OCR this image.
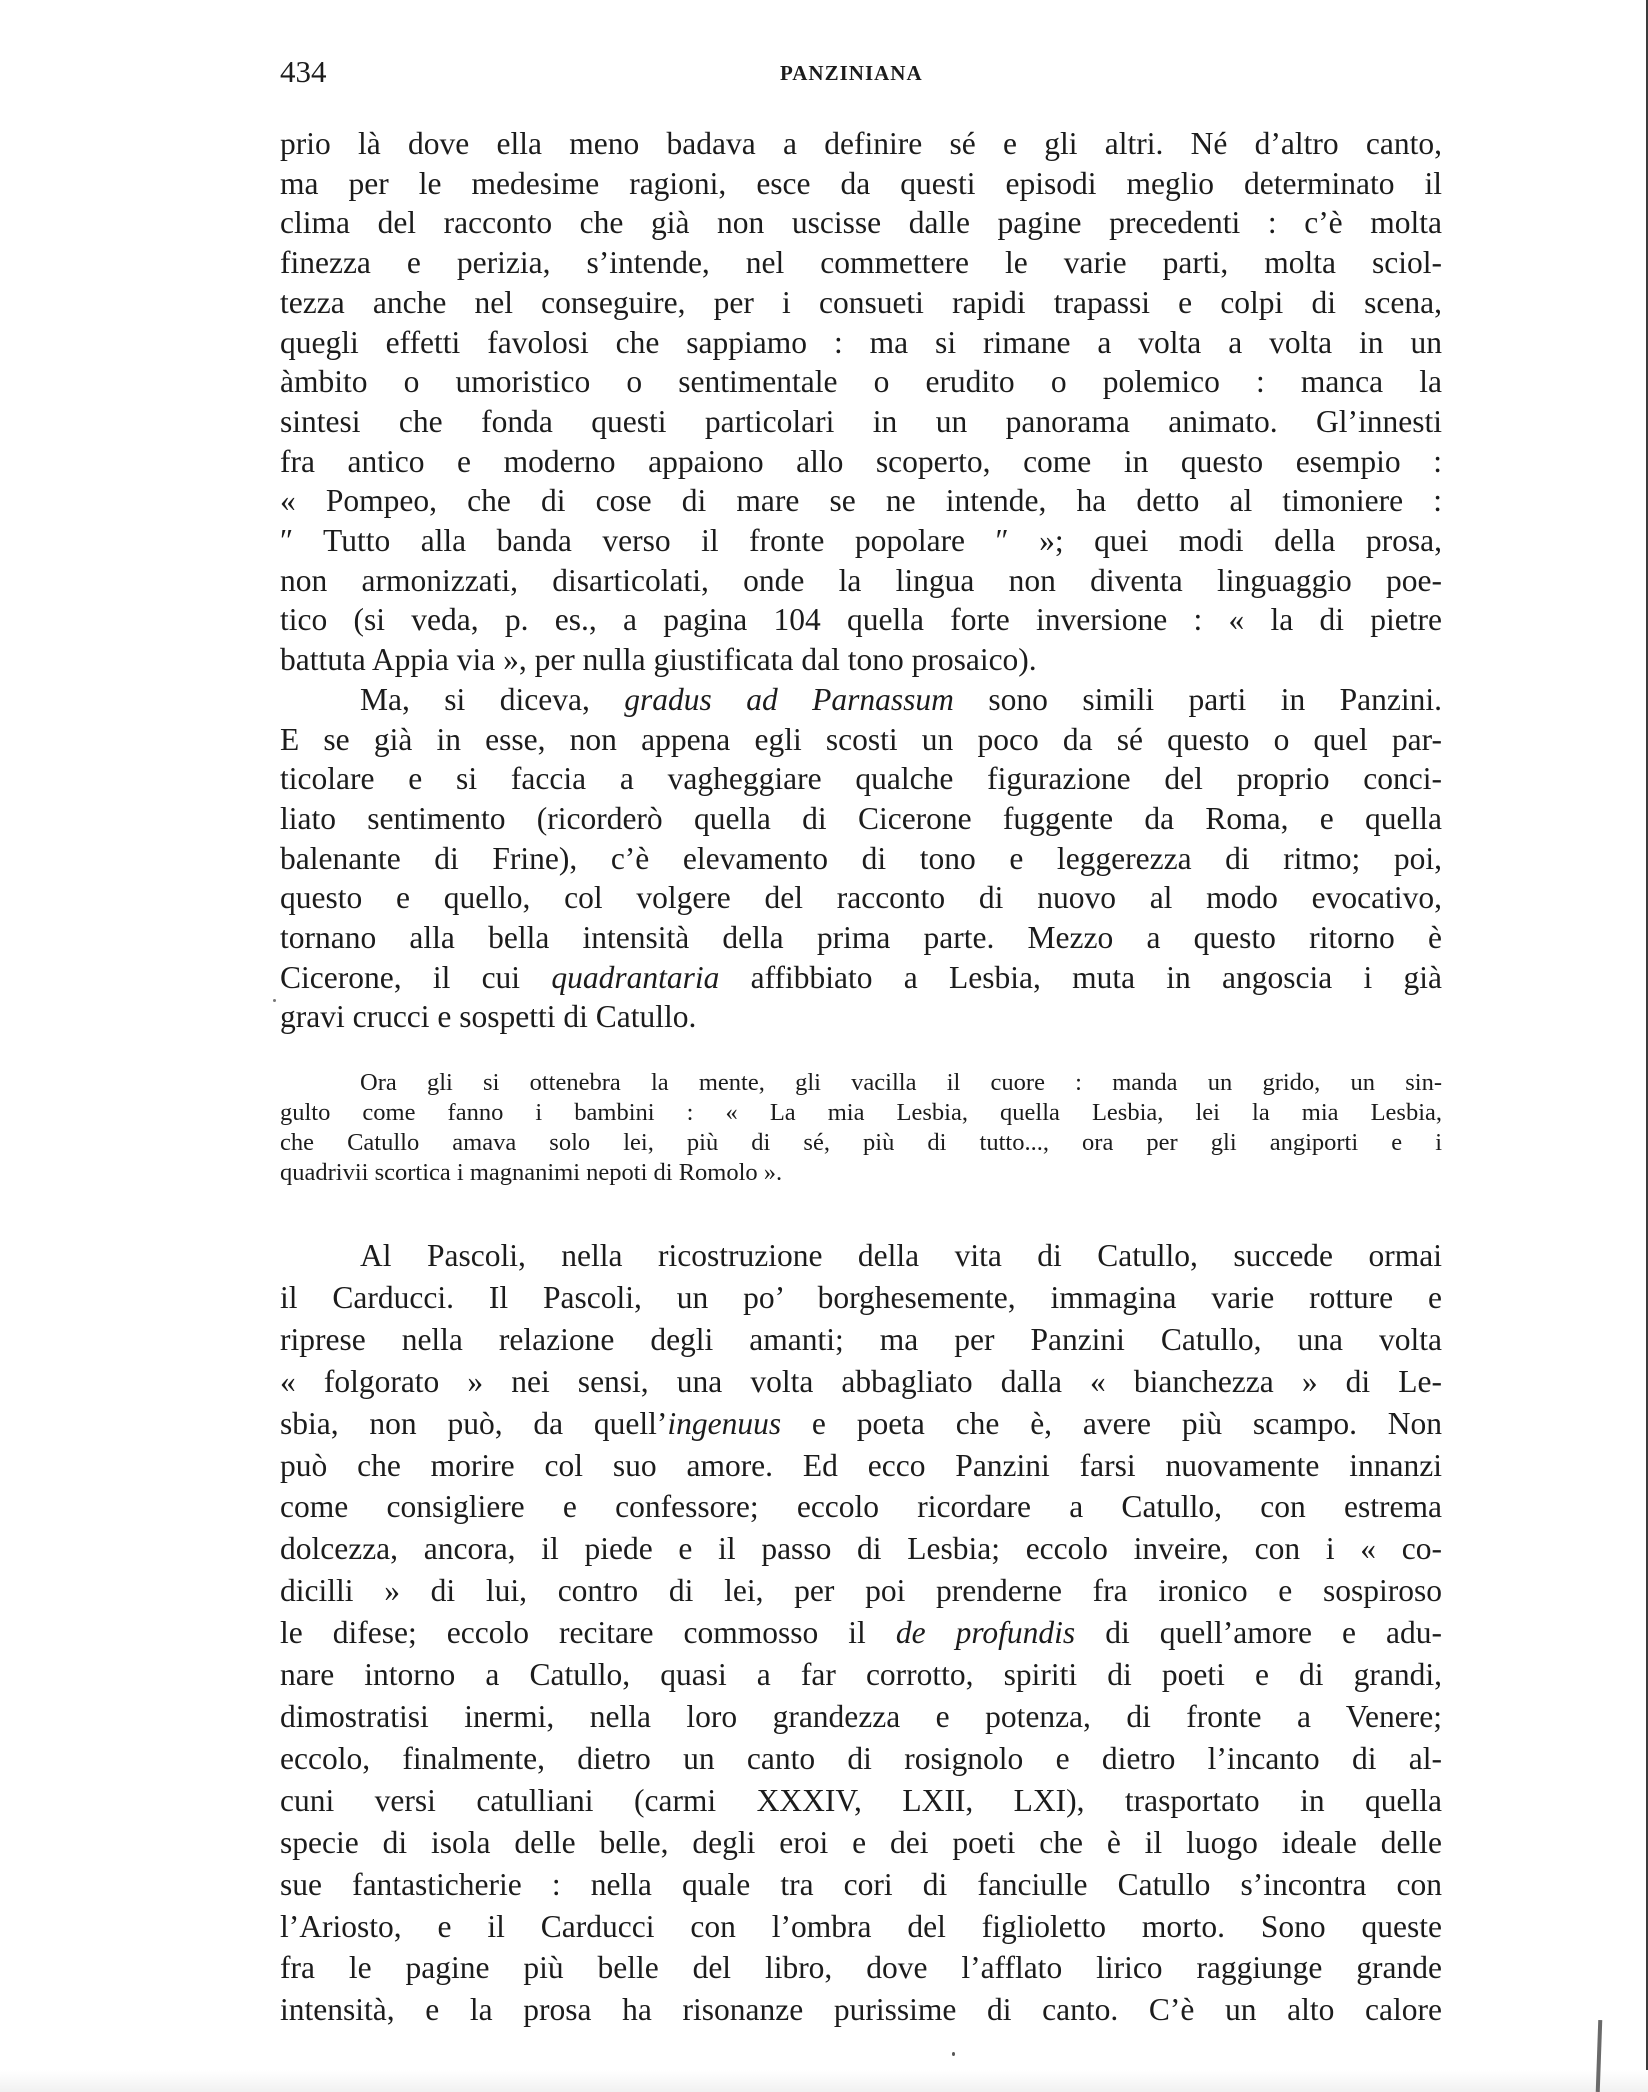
434	PANZINIANA
prio là dove ella meno badava a definire sé e gli altri. Né d’altro canto,
ma per le medesime ragioni, esce da questi episodi meglio determinato il
clima del racconto che già non uscisse dalle pagine precedenti : c’è molta
finezza e perizia, s’intende, nel commettere le varie parti, molta sciol-
tezza anche nel conseguire, per i consueti rapidi trapassi e colpi di scena,
quegli effetti favolosi che sappiamo : ma si rimane a volta a volta in un
àmbito o umoristico o sentimentale o erudito o polemico : manca la
sintesi che fonda questi particolari in un panorama animato. Gl’innesti
fra antico e moderno appaiono allo scoperto, come in questo esempio :
« Pompeo, che di cose di mare se ne intende, ha detto al timoniere :
″ Tutto alla banda verso il fronte popolare ″ »; quei modi della prosa,
non armonizzati, disarticolati, onde la lingua non diventa linguaggio poe-
tico (si veda, p. es., a pagina 104 quella forte inversione : « la di pietre
battuta Appia via », per nulla giustificata dal tono prosaico).
Ma, si diceva, gradus ad Parnassum sono simili parti in Panzini.
E se già in esse, non appena egli scosti un poco da sé questo o quel par-
ticolare e si faccia a vagheggiare qualche figurazione del proprio conci-
liato sentimento (ricorderò quella di Cicerone fuggente da Roma, e quella
balenante di Frine), c’è elevamento di tono e leggerezza di ritmo; poi,
questo e quello, col volgere del racconto di nuovo al modo evocativo,
tornano alla bella intensità della prima parte. Mezzo a questo ritorno è
Cicerone, il cui quadrantaria affibbiato a Lesbia, muta in angoscia i già
gravi crucci e sospetti di Catullo.
Ora gli si ottenebra la mente, gli vacilla il cuore : manda un grido, un sin-
gulto come fanno i bambini : « La mia Lesbia, quella Lesbia, lei la mia Lesbia,
che Catullo amava solo lei, più di sé, più di tutto..., ora per gli angiporti e i
quadrivii scortica i magnanimi nepoti di Romolo ».
Al Pascoli, nella ricostruzione della vita di Catullo, succede ormai
il Carducci. Il Pascoli, un po’ borghesemente, immagina varie rotture e
riprese nella relazione degli amanti; ma per Panzini Catullo, una volta
« folgorato » nei sensi, una volta abbagliato dalla « bianchezza » di Le-
sbia, non può, da quell’ingenuus e poeta che è, avere più scampo. Non
può che morire col suo amore. Ed ecco Panzini farsi nuovamente innanzi
come consigliere e confessore; eccolo ricordare a Catullo, con estrema
dolcezza, ancora, il piede e il passo di Lesbia; eccolo inveire, con i « co-
dicilli » di lui, contro di lei, per poi prenderne fra ironico e sospiroso
le difese; eccolo recitare commosso il de profundis di quell’amore e adu-
nare intorno a Catullo, quasi a far corrotto, spiriti di poeti e di grandi,
dimostratisi inermi, nella loro grandezza e potenza, di fronte a Venere;
eccolo, finalmente, dietro un canto di rosignolo e dietro l’incanto di al-
cuni versi catulliani (carmi XXXIV, LXII, LXI), trasportato in quella
specie di isola delle belle, degli eroi e dei poeti che è il luogo ideale delle
sue fantasticherie : nella quale tra cori di fanciulle Catullo s’incontra con
l’Ariosto, e il Carducci con l’ombra del figlioletto morto. Sono queste
fra le pagine più belle del libro, dove l’afflato lirico raggiunge grande
intensità, e la prosa ha risonanze purissime di canto. C’è un alto calore
